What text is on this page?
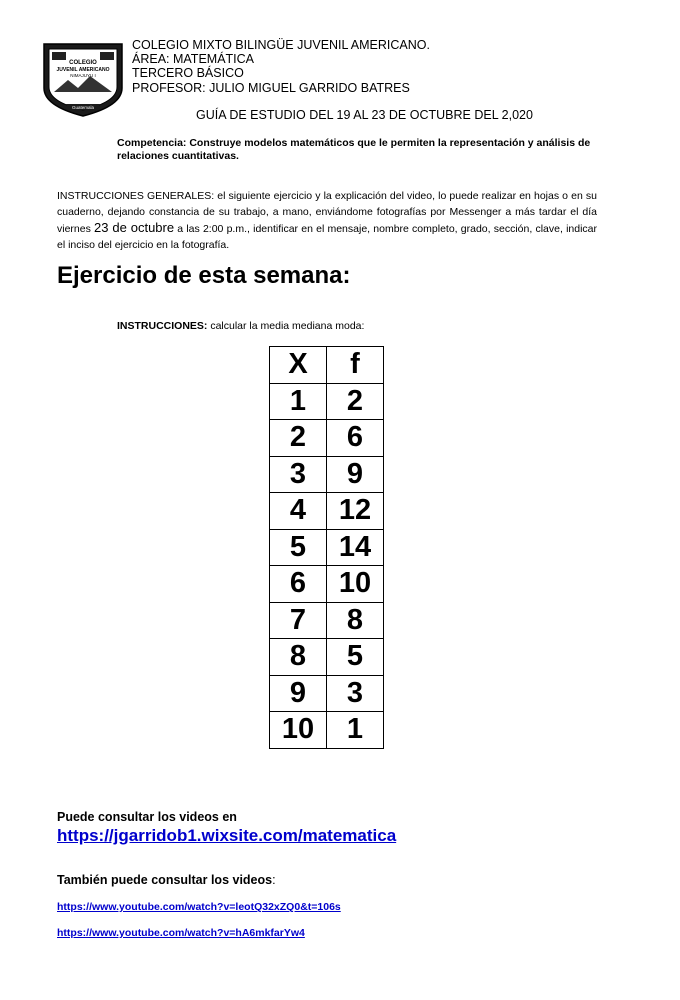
COLEGIO
JUVENIL AMERICANO
NIMAJUYU I
Guatemala
COLEGIO MIXTO BILINGÜE JUVENIL AMERICANO.
ÁREA: MATEMÁTICA
TERCERO BÁSICO
PROFESOR: JULIO MIGUEL GARRIDO BATRES
GUÍA DE ESTUDIO DEL 19 AL 23 DE OCTUBRE DEL 2,020
Competencia: Construye modelos matemáticos que le permiten la representación y análisis de relaciones cuantitativas.
INSTRUCCIONES GENERALES: el siguiente ejercicio y la explicación del video, lo puede realizar en hojas o en su cuaderno, dejando constancia de su trabajo, a mano, enviándome fotografías por Messenger a más tardar el día viernes 23 de octubre a las 2:00 p.m., identificar en el mensaje, nombre completo, grado, sección, clave, indicar el inciso del ejercicio en la fotografía.
Ejercicio de esta semana:
INSTRUCCIONES: calcular la media mediana moda:
X	f
1	2
2	6
3	9
4	12
5	14
6	10
7	8
8	5
9	3
10	1
Puede consultar los videos en
https://jgarridob1.wixsite.com/matematica
También puede consultar los videos:
https://www.youtube.com/watch?v=leotQ32xZQ0&t=106s
https://www.youtube.com/watch?v=hA6mkfarYw4
